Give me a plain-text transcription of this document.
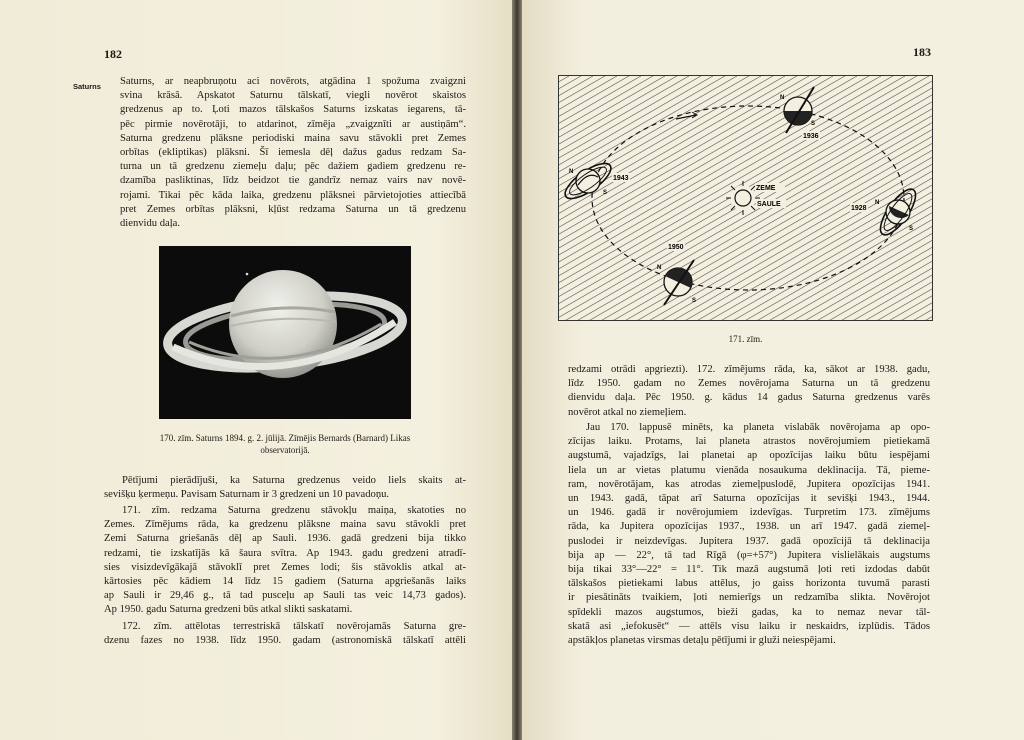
182
Saturns Saturns, ar neapbruņotu aci novērots, atgādina 1 spožuma zvaigzni
svina krāsā. Apskatot Saturnu tālskatī, viegli novērot skaistos
gredzenus ap to. Ļoti mazos tālskašos Saturns izskatas iegarens, tā-
pēc pirmie novērotāji, to atdarinot, zīmēja „zvaigznīti ar austiņām“.
Saturna gredzenu plāksne periodiski maina savu stāvokli pret Zemes
orbītas (ekliptikas) plāksni. Šī iemesla dēļ dažus gadus redzam Sa-
turna un tā gredzenu ziemeļu daļu; pēc dažiem gadiem gredzenu re-
dzamība pasliktinas, līdz beidzot tie gandrīz nemaz vairs nav novē-
rojami. Tikai pēc kāda laika, gredzenu plāksnei pārvietojoties attiecībā
pret Zemes orbītas plāksni, kļūst redzama Saturna un tā gredzenu
dienvidu daļa.
170. zīm. Saturns 1894. g. 2. jūlijā. Zīmējis Bernards (Barnard) Likas
observatorijā.
Pētījumi pierādījuši, ka Saturna gredzenus veido liels skaits at-
sevišķu ķermeņu. Pavisam Saturnam ir 3 gredzeni un 10 pavadoņu.
171. zīm. redzama Saturna gredzenu stāvokļu maiņa, skatoties no
Zemes. Zīmējums rāda, ka gredzenu plāksne maina savu stāvokli pret
Zemi Saturna griešanās dēļ ap Sauli. 1936. gadā gredzeni bija tikko
redzami, tie izskatījās kā šaura svītra. Ap 1943. gadu gredzeni atradī-
sies visizdevīgākajā stāvoklī pret Zemes lodi; šis stāvoklis atkal at-
kārtosies pēc kādiem 14 līdz 15 gadiem (Saturna apgriešanās laiks
ap Sauli ir 29,46 g., tā tad pusceļu ap Sauli tas veic 14,73 gados).
Ap 1950. gadu Saturna gredzeni būs atkal slikti saskatami.
172. zīm. attēlotas terrestriskā tālskatī novērojamās Saturna gre-
dzenu fazes no 1938. līdz 1950. gadam (astronomiskā tālskatī attēli
183
ZEME
SAULE
N
S
1936
N
S
1943
N
S
1928
N
S
1950
171. zīm.
redzami otrādi apgriezti). 172. zīmējums rāda, ka, sākot ar 1938. gadu,
līdz 1950. gadam no Zemes novērojama Saturna un tā gredzenu
dienvidu daļa. Pēc 1950. g. kādus 14 gadus Saturna gredzenus varēs
novērot atkal no ziemeļiem.
Jau 170. lappusē minēts, ka planeta vislabāk novērojama ap opo-
zīcijas laiku. Protams, lai planeta atrastos novērojumiem pietiekamā
augstumā, vajadzīgs, lai planetai ap opozīcijas laiku būtu iespējami
liela un ar vietas platumu vienāda nosaukuma deklinacija. Tā, pieme-
ram, novērotājam, kas atrodas ziemeļpuslodē, Jupitera opozīcijas 1941.
un 1943. gadā, tāpat arī Saturna opozīcijas it sevišķi 1943., 1944.
un 1946. gadā ir novērojumiem izdevīgas. Turpretim 173. zīmējums
rāda, ka Jupitera opozīcijas 1937., 1938. un arī 1947. gadā ziemeļ-
puslodei ir neizdevīgas. Jupitera 1937. gadā opozīcijā tā deklinacija
bija ap — 22°, tā tad Rīgā (φ=+57°) Jupitera vislielākais augstums
bija tikai 33°—22° = 11°. Tik mazā augstumā ļoti reti izdodas dabūt
tālskašos pietiekami labus attēlus, jo gaiss horizonta tuvumā parasti
ir piesātināts tvaikiem, ļoti nemierīgs un redzamība slikta. Novērojot
spīdekli mazos augstumos, bieži gadas, ka to nemaz nevar tāl-
skatā asi „iefokusēt“ — attēls visu laiku ir neskaidrs, izplūdis. Tādos
apstākļos planetas virsmas detaļu pētījumi ir gluži neiespējami.
